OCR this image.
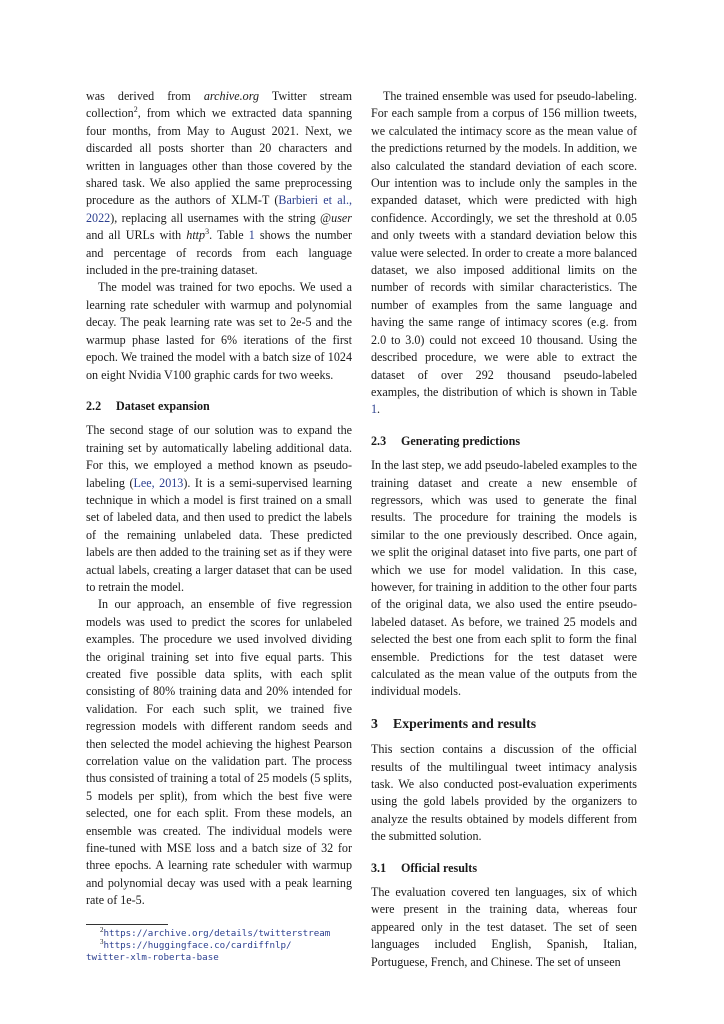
was derived from archive.org Twitter stream collection$^2$, from which we extracted data spanning four months, from May to August 2021. Next, we discarded all posts shorter than 20 characters and written in languages other than those covered by the shared task. We also applied the same preprocessing procedure as the authors of XLM-T (Barbieri et al., 2022), replacing all usernames with the string @user and all URLs with http$^3$. Table 1 shows the number and percentage of records from each language included in the pre-training dataset.

The model was trained for two epochs. We used a learning rate scheduler with warmup and polynomial decay. The peak learning rate was set to 2e-5 and the warmup phase lasted for 6% iterations of the first epoch. We trained the model with a batch size of 1024 on eight Nvidia V100 graphic cards for two weeks.

2.2 Dataset expansion

The second stage of our solution was to expand the training set by automatically labeling additional data. For this, we employed a method known as pseudo-labeling (Lee, 2013). It is a semi-supervised learning technique in which a model is first trained on a small set of labeled data, and then used to predict the labels of the remaining unlabeled data. These predicted labels are then added to the training set as if they were actual labels, creating a larger dataset that can be used to retrain the model.

In our approach, an ensemble of five regression models was used to predict the scores for unlabeled examples. The procedure we used involved dividing the original training set into five equal parts. This created five possible data splits, with each split consisting of 80% training data and 20% intended for validation. For each such split, we trained five regression models with different random seeds and then selected the model achieving the highest Pearson correlation value on the validation part. The process thus consisted of training a total of 25 models (5 splits, 5 models per split), from which the best five were selected, one for each split. From these models, an ensemble was created. The individual models were fine-tuned with MSE loss and a batch size of 32 for three epochs. A learning rate scheduler with warmup and polynomial decay was used with a peak learning rate of 1e-5.

$^2$https://archive.org/details/twitterstream
$^3$https://huggingface.co/cardiffnlp/
twitter-xlm-roberta-base

The trained ensemble was used for pseudo-labeling. For each sample from a corpus of 156 million tweets, we calculated the intimacy score as the mean value of the predictions returned by the models. In addition, we also calculated the standard deviation of each score. Our intention was to include only the samples in the expanded dataset, which were predicted with high confidence. Accordingly, we set the threshold at 0.05 and only tweets with a standard deviation below this value were selected. In order to create a more balanced dataset, we also imposed additional limits on the number of records with similar characteristics. The number of examples from the same language and having the same range of intimacy scores (e.g. from 2.0 to 3.0) could not exceed 10 thousand. Using the described procedure, we were able to extract the dataset of over 292 thousand pseudo-labeled examples, the distribution of which is shown in Table 1.

2.3 Generating predictions

In the last step, we add pseudo-labeled examples to the training dataset and create a new ensemble of regressors, which was used to generate the final results. The procedure for training the models is similar to the one previously described. Once again, we split the original dataset into five parts, one part of which we use for model validation. In this case, however, for training in addition to the other four parts of the original data, we also used the entire pseudo-labeled dataset. As before, we trained 25 models and selected the best one from each split to form the final ensemble. Predictions for the test dataset were calculated as the mean value of the outputs from the individual models.

3 Experiments and results

This section contains a discussion of the official results of the multilingual tweet intimacy analysis task. We also conducted post-evaluation experiments using the gold labels provided by the organizers to analyze the results obtained by models different from the submitted solution.

3.1 Official results

The evaluation covered ten languages, six of which were present in the training data, whereas four appeared only in the test dataset. The set of seen languages included English, Spanish, Italian, Portuguese, French, and Chinese. The set of unseen
